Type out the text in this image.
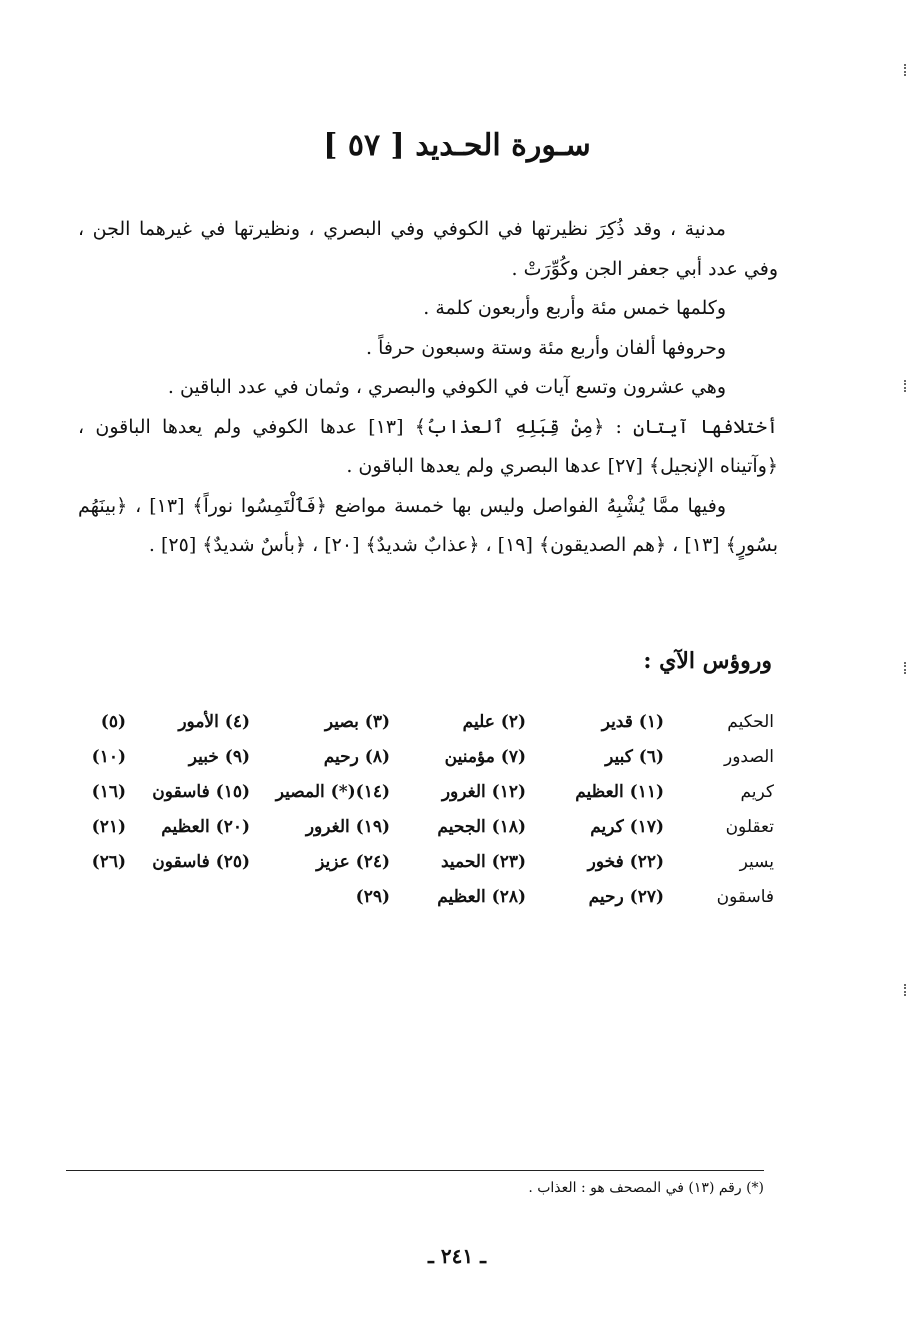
سـورة الحـديد [ ٥٧ ]

مدنية ، وقد ذُكِرَ نظيرتها في الكوفي وفي البصري ، ونظيرتها في غيرهما الجن ، وفي عدد أبي جعفر الجن وكُوِّرَتْ .

وكلمها خمس مئة وأربع وأربعون كلمة .

وحروفها ألفان وأربع مئة وستة وسبعون حرفاً .

وهي عشرون وتسع آيات في الكوفي والبصري ، وثمان في عدد الباقين .

أختلافها آيتان : ﴿مِنْ قِبَلِهِ ٱلعذابُ﴾ [١٣] عدها الكوفي ولم يعدها الباقون ، ﴿وآتيناه الإنجيل﴾ [٢٧] عدها البصري ولم يعدها الباقون .

وفيها ممَّا يُشْبِهُ الفواصل وليس بها خمسة مواضع ﴿فَٱلْتَمِسُوا نوراً﴾ [١٣] ، ﴿بينَهُم بسُورٍ﴾ [١٣] ، ﴿هم الصديقون﴾ [١٩] ، ﴿عذابٌ شديدٌ﴾ [٢٠] ، ﴿بأسٌ شديدٌ﴾ [٢٥] .

وروؤس الآي :
الحكيم
الصدور
كريم
تعقلون
يسير
فاسقون
(١) قدير
(٦) كبير
(١١) العظيم
(١٧) كريم
(٢٢) فخور
(٢٧) رحيم
(٢) عليم
(٧) مؤمنين
(١٢) الغرور
(١٨) الجحيم
(٢٣) الحميد
(٢٨) العظيم
(٣) بصير
(٨) رحيم
(١٤)(*) المصير
(١٩) الغرور
(٢٤) عزيز
(٢٩)
(٤) الأمور
(٩) خبير
(١٥) فاسقون
(٢٠) العظيم
(٢٥) فاسقون
(٥)
(١٠)
(١٦)
(٢١)
(٢٦)

(*) رقم (١٣) في المصحف هو : العذاب .

ـ ٢٤١ ـ
